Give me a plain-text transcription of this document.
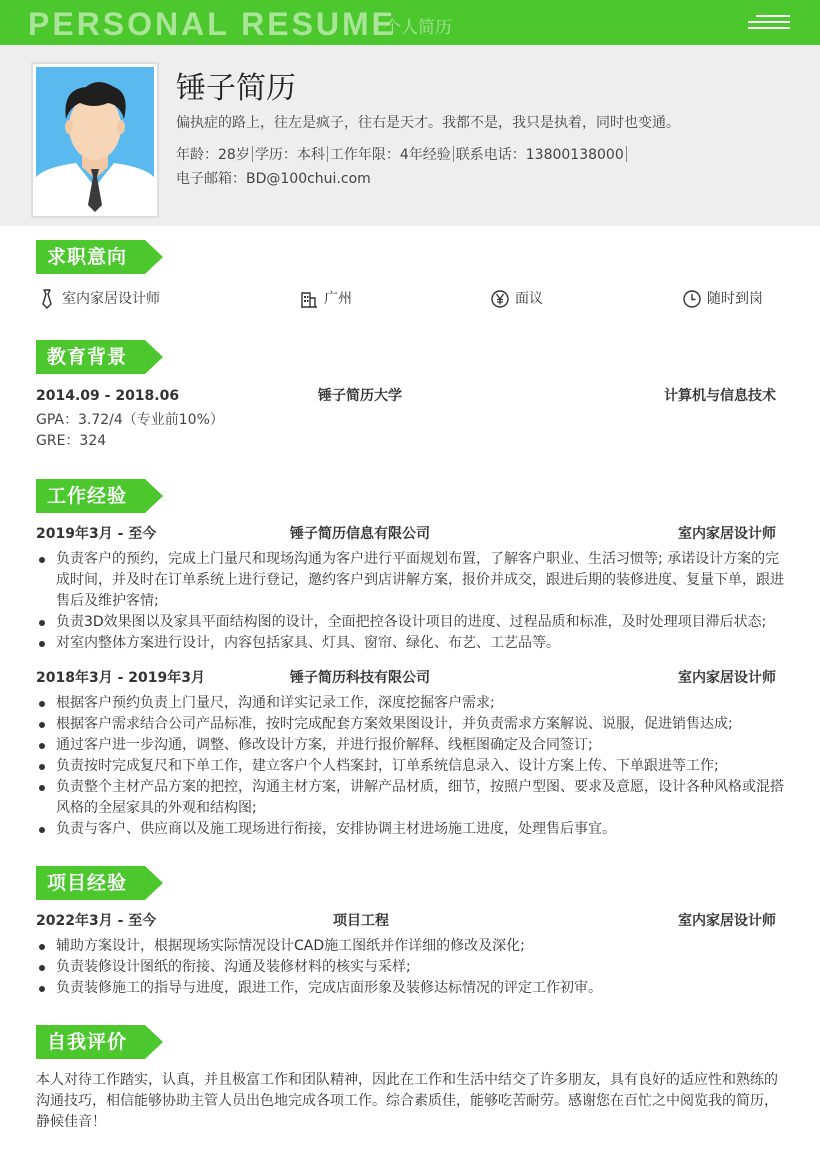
PERSONAL RESUME
个人简历
锤子简历
偏执症的路上，往左是疯子，往右是天才。我都不是，我只是执着，同时也变通。
年龄：28岁 学历：本科 工作年限：4年经验 联系电话：13800138000
电子邮箱：BD@100chui.com
求职意向
室内家居设计师	广州	面议	随时到岗
教育背景
2014.09 - 2018.06	锤子简历大学	计算机与信息技术
GPA：3.72/4（专业前10%）
GRE：324
工作经验
2019年3月 - 至今	锤子简历信息有限公司	室内家居设计师
负责客户的预约，完成上门量尺和现场沟通为客户进行平面规划布置，了解客户职业、生活习惯等; 承诺设计方案的完成时间，并及时在订单系统上进行登记，邀约客户到店讲解方案，报价并成交，跟进后期的装修进度、复量下单，跟进售后及维护客情;
负责3D效果图以及家具平面结构图的设计，全面把控各设计项目的进度、过程品质和标准，及时处理项目滞后状态;
对室内整体方案进行设计，内容包括家具、灯具、窗帘、绿化、布艺、工艺品等。
2018年3月 - 2019年3月	锤子简历科技有限公司	室内家居设计师
根据客户预约负责上门量尺，沟通和详实记录工作，深度挖掘客户需求;
根据客户需求结合公司产品标准，按时完成配套方案效果图设计，并负责需求方案解说、说服，促进销售达成;
通过客户进一步沟通，调整、修改设计方案，并进行报价解释、线框图确定及合同签订;
负责按时完成复尺和下单工作，建立客户个人档案封，订单系统信息录入、设计方案上传、下单跟进等工作;
负责整个主材产品方案的把控，沟通主材方案，讲解产品材质，细节，按照户型图、要求及意愿，设计各种风格或混搭风格的全屋家具的外观和结构图;
负责与客户、供应商以及施工现场进行衔接，安排协调主材进场施工进度，处理售后事宜。
项目经验
2022年3月 - 至今	项目工程	室内家居设计师
辅助方案设计，根据现场实际情况设计CAD施工图纸并作详细的修改及深化;
负责装修设计图纸的衔接、沟通及装修材料的核实与采样;
负责装修施工的指导与进度，跟进工作，完成店面形象及装修达标情况的评定工作初审。
自我评价
本人对待工作踏实，认真，并且极富工作和团队精神，因此在工作和生活中结交了许多朋友，具有良好的适应性和熟练的沟通技巧，相信能够协助主管人员出色地完成各项工作。综合素质佳，能够吃苦耐劳。感谢您在百忙之中阅览我的简历，静候佳音！
